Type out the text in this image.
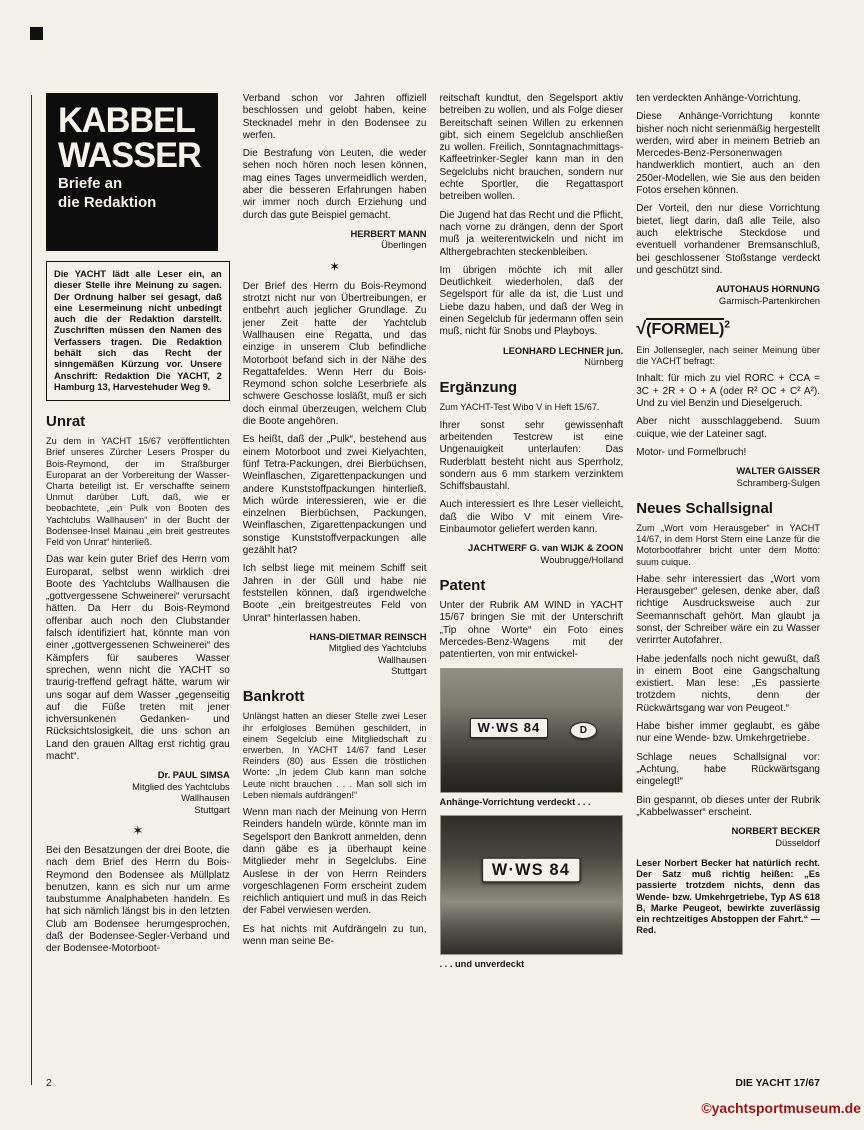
KABBEL
WASSER
Briefe an
die Redaktion

Die YACHT lädt alle Leser ein, an dieser Stelle ihre Meinung zu sagen. Der Ordnung halber sei gesagt, daß eine Lesermeinung nicht unbedingt auch die der Redaktion darstellt. Zuschriften müssen den Namen des Verfassers tragen. Die Redaktion behält sich das Recht der sinngemäßen Kürzung vor. Unsere Anschrift: Redaktion Die YACHT, 2 Hamburg 13, Harvestehuder Weg 9.

Unrat

Zu dem in YACHT 15/67 veröffentlichten Brief unseres Zürcher Lesers Prosper du Bois-Reymond, der im Straßburger Europarat an der Vorbereitung der Wasser-Charta beteiligt ist. Er verschaffte seinem Unmut darüber Luft, daß, wie er beobachtete, „ein Pulk von Booten des Yachtclubs Wallhausen“ in der Bucht der Bodensee-Insel Mainau „ein breit gestreutes Feld von Unrat“ hinterließ.

Das war kein guter Brief des Herrn vom Europarat, selbst wenn wirklich drei Boote des Yachtclubs Wallhausen die „gottvergessene Schweinerei“ verursacht hätten. Da Herr du Bois-Reymond offenbar auch noch den Clubstander falsch identifiziert hat, könnte man von einer „gottvergessenen Schweinerei“ des Kämpfers für sauberes Wasser sprechen, wenn nicht die YACHT so traurig-treffend gefragt hätte, warum wir uns sogar auf dem Wasser „gegenseitig auf die Füße treten mit jener ichversunkenen Gedanken- und Rücksichtslosigkeit, die uns schon an Land den grauen Alltag erst richtig grau macht“.

Dr. PAUL SIMSA
Mitglied des Yachtclubs
Wallhausen
Stuttgart
✶

Bei den Besatzungen der drei Boote, die nach dem Brief des Herrn du Bois-Reymond den Bodensee als Müllplatz benutzen, kann es sich nur um arme taubstumme Analphabeten handeln. Es hat sich nämlich längst bis in den letzten Club am Bodensee herumgesprochen, daß der Bodensee-Segler-Verband und der Bodensee-Motorboot-

Verband schon vor Jahren offiziell beschlossen und gelobt haben, keine Stecknadel mehr in den Bodensee zu werfen.

Die Bestrafung von Leuten, die weder sehen noch hören noch lesen können, mag eines Tages unvermeidlich werden, aber die besseren Erfahrungen haben wir immer noch durch Erziehung und durch das gute Beispiel gemacht.

HERBERT MANN
Überlingen
✶

Der Brief des Herrn du Bois-Reymond strotzt nicht nur von Übertreibungen, er entbehrt auch jeglicher Grundlage. Zu jener Zeit hatte der Yachtclub Wallhausen eine Regatta, und das einzige in unserem Club befindliche Motorboot befand sich in der Nähe des Regattafeldes. Wenn Herr du Bois-Reymond schon solche Leserbriefe als schwere Geschosse losläßt, muß er sich doch einmal überzeugen, welchem Club die Boote angehören.

Es heißt, daß der „Pulk“, bestehend aus einem Motorboot und zwei Kielyachten, fünf Tetra-Packungen, drei Bierbüchsen, Weinflaschen, Zigarettenpackungen und andere Kunststoffpackungen hinterließ. Mich würde interessieren, wie er die einzelnen Bierbüchsen, Packungen, Weinflaschen, Zigarettenpackungen und sonstige Kunststoffverpackungen alle gezählt hat?

Ich selbst liege mit meinem Schiff seit Jahren in der Güll und habe nie feststellen können, daß irgendwelche Boote „ein breitgestreutes Feld von Unrat“ hinterlassen haben.

HANS-DIETMAR REINSCH
Mitglied des Yachtclubs
Wallhausen
Stuttgart
Bankrott

Unlängst hatten an dieser Stelle zwei Leser ihr erfolgloses Bemühen geschildert, in einem Segelclub eine Mitgliedschaft zu erwerben. In YACHT 14/67 fand Leser Reinders (80) aus Essen die tröstlichen Worte: „In jedem Club kann man solche Leute nicht brauchen . . . Man soll sich im Leben niemals aufdrängen!“

Wenn man nach der Meinung von Herrn Reinders handeln würde, könnte man im Segelsport den Bankrott anmelden, denn dann gäbe es ja überhaupt keine Mitglieder mehr in Segelclubs. Eine Auslese in der von Herrn Reinders vorgeschlagenen Form erscheint zudem reichlich antiquiert und muß in das Reich der Fabel verwiesen werden.

Es hat nichts mit Aufdrängeln zu tun, wenn man seine Be-

reitschaft kundtut, den Segelsport aktiv betreiben zu wollen, und als Folge dieser Bereitschaft seinen Willen zu erkennen gibt, sich einem Segelclub anschließen zu wollen. Freilich, Sonntagnachmittags-Kaffeetrinker-Segler kann man in den Segelclubs nicht brauchen, sondern nur echte Sportler, die Regattasport betreiben wollen.

Die Jugend hat das Recht und die Pflicht, nach vorne zu drängen, denn der Sport muß ja weiterentwickeln und nicht im Althergebrachten steckenbleiben.

Im übrigen möchte ich mit aller Deutlichkeit wiederholen, daß der Segelsport für alle da ist, die Lust und Liebe dazu haben, und daß der Weg in einen Segelclub für jedermann offen sein muß, nicht für Snobs und Playboys.

LEONHARD LECHNER jun.
Nürnberg
Ergänzung

Zum YACHT-Test Wibo V in Heft 15/67.

Ihrer sonst sehr gewissenhaft arbeitenden Testcrew ist eine Ungenauigkeit unterlaufen: Das Ruderblatt besteht nicht aus Sperrholz, sondern aus 6 mm starkem verzinktem Schiffsbaustahl.

Auch interessiert es Ihre Leser vielleicht, daß die Wibo V mit einem Vire-Einbaumotor geliefert werden kann.

JACHTWERF G. van WIJK & ZOON
Woubrugge/Holland
Patent

Unter der Rubrik AM WIND in YACHT 15/67 bringen Sie mit der Unterschrift „Tip ohne Worte“ ein Foto eines Mercedes-Benz-Wagens mit der patentierten, von mir entwickel-

W·WS 84	D
Anhänge-Vorrichtung verdeckt . . .
W·WS 84
. . . und unverdeckt

ten verdeckten Anhänge-Vorrichtung.

Diese Anhänge-Vorrichtung konnte bisher noch nicht serienmäßig hergestellt werden, wird aber in meinem Betrieb an Mercedes-Benz-Personenwagen handwerklich montiert, auch an den 250er-Modellen, wie Sie aus den beiden Fotos ersehen können.

Der Vorteil, den nur diese Vorrichtung bietet, liegt darin, daß alle Teile, also auch elektrische Steckdose und eventuell vorhandener Bremsanschluß, bei geschlossener Stoßstange verdeckt und geschützt sind.

AUTOHAUS HORNUNG
Garmisch-Partenkirchen
√(FORMEL)$^2$

Ein Jollensegler, nach seiner Meinung über die YACHT befragt:

Inhalt: für mich zu viel RORC + CCA = 3C + 2R + O + A (oder R² OC + C² A²). Und zu viel Benzin und Dieselgeruch.

Aber nicht ausschlaggebend. Suum cuique, wie der Lateiner sagt.

Motor- und Formelbruch!

WALTER GAISSER
Schramberg-Sulgen
Neues Schallsignal

Zum „Wort vom Herausgeber“ in YACHT 14/67, in dem Horst Stern eine Lanze für die Motorbootfahrer bricht unter dem Motto: suum cuique.

Habe sehr interessiert das „Wort vom Herausgeber“ gelesen, denke aber, daß richtige Ausdrucksweise auch zur Seemannschaft gehört. Man glaubt ja sonst, der Schreiber wäre ein zu Wasser verirrter Autofahrer.

Habe jedenfalls noch nicht gewußt, daß in einem Boot eine Gangschaltung existiert. Man lese: „Es passierte trotzdem nichts, denn der Rückwärtsgang war von Peugeot.“

Habe bisher immer geglaubt, es gäbe nur eine Wende- bzw. Umkehrgetriebe.

Schlage neues Schallsignal vor: „Achtung, habe Rückwärtsgang eingelegt!“

Bin gespannt, ob dieses unter der Rubrik „Kabbelwasser“ erscheint.

NORBERT BECKER
Düsseldorf

Leser Norbert Becker hat natürlich recht. Der Satz muß richtig heißen: „Es passierte trotzdem nichts, denn das Wende- bzw. Umkehrgetriebe, Typ AS 618 B, Marke Peugeot, bewirkte zuverlässig ein rechtzeitiges Abstoppen der Fahrt.“ — Red.

2	DIE YACHT 17/67
©yachtsportmuseum.de
